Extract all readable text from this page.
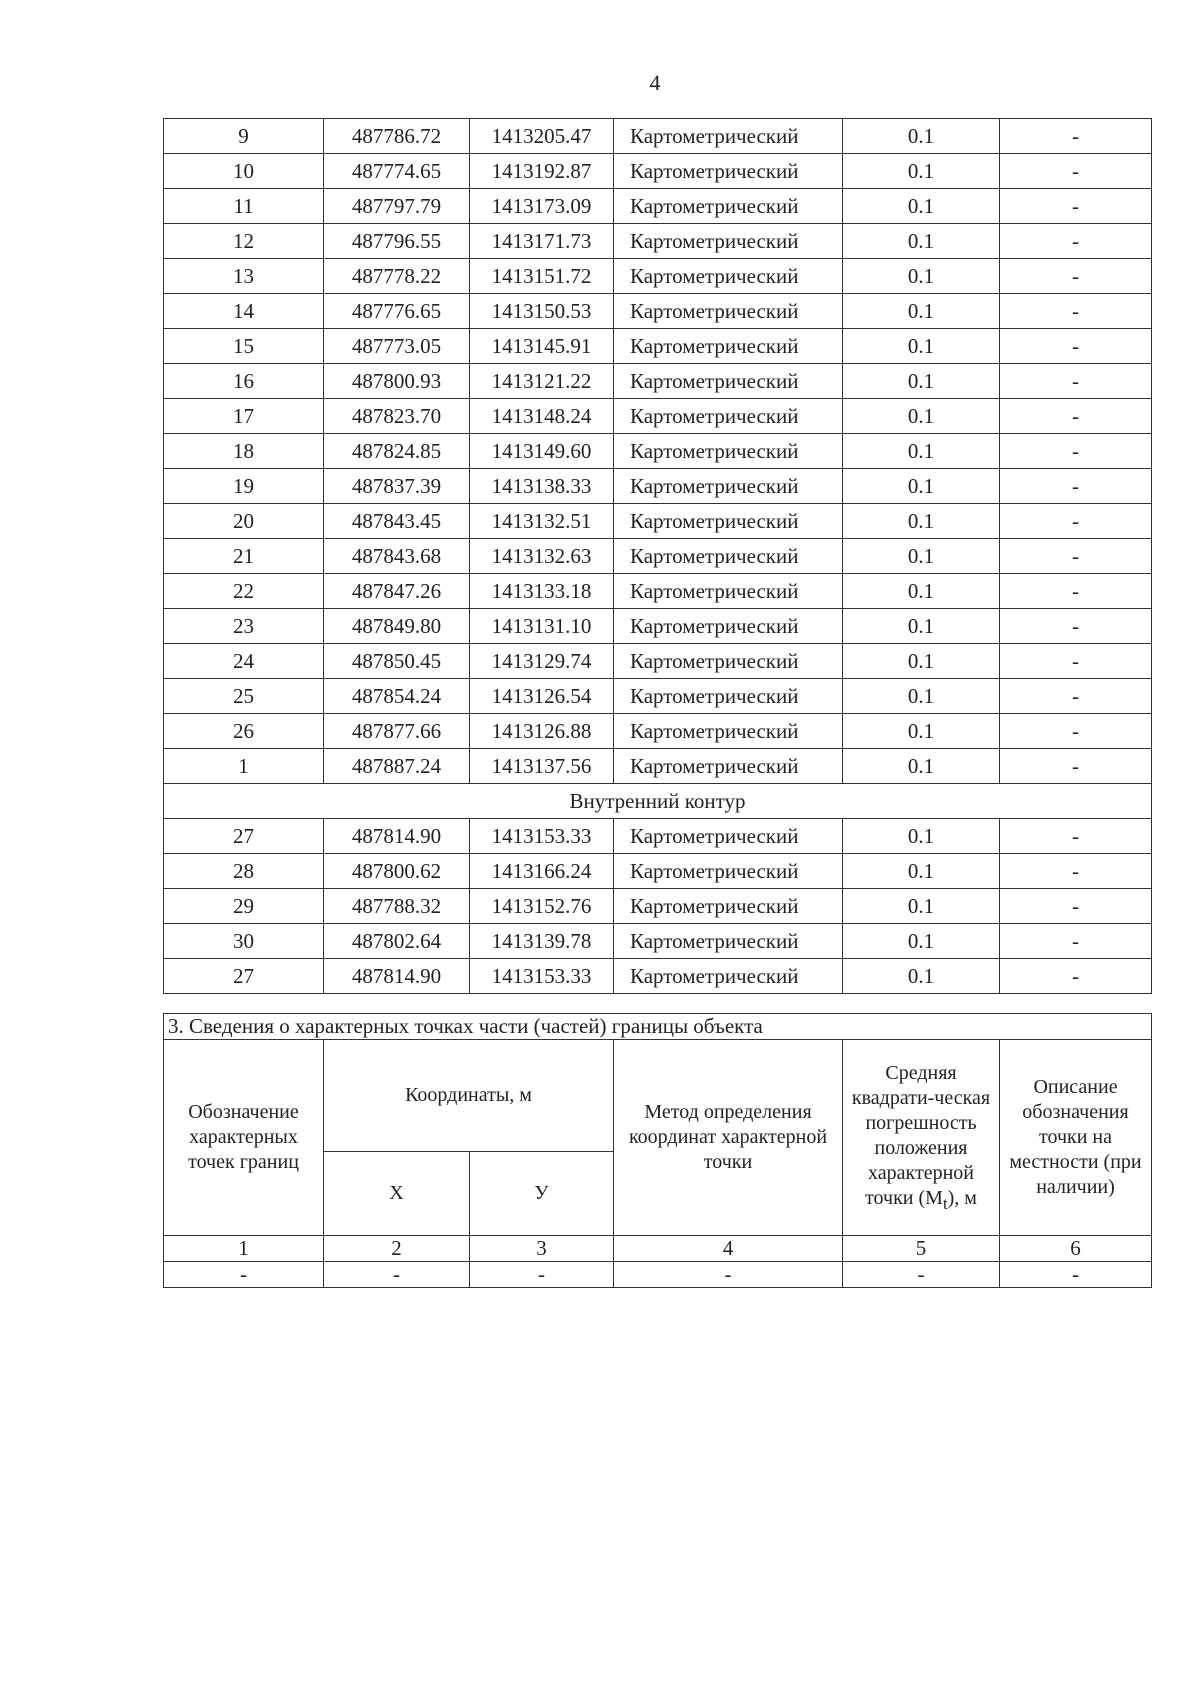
4
9	487786.72	1413205.47	Картометрический	0.1	-
10	487774.65	1413192.87	Картометрический	0.1	-
11	487797.79	1413173.09	Картометрический	0.1	-
12	487796.55	1413171.73	Картометрический	0.1	-
13	487778.22	1413151.72	Картометрический	0.1	-
14	487776.65	1413150.53	Картометрический	0.1	-
15	487773.05	1413145.91	Картометрический	0.1	-
16	487800.93	1413121.22	Картометрический	0.1	-
17	487823.70	1413148.24	Картометрический	0.1	-
18	487824.85	1413149.60	Картометрический	0.1	-
19	487837.39	1413138.33	Картометрический	0.1	-
20	487843.45	1413132.51	Картометрический	0.1	-
21	487843.68	1413132.63	Картометрический	0.1	-
22	487847.26	1413133.18	Картометрический	0.1	-
23	487849.80	1413131.10	Картометрический	0.1	-
24	487850.45	1413129.74	Картометрический	0.1	-
25	487854.24	1413126.54	Картометрический	0.1	-
26	487877.66	1413126.88	Картометрический	0.1	-
1	487887.24	1413137.56	Картометрический	0.1	-
Внутренний контур					
27	487814.90	1413153.33	Картометрический	0.1	-
28	487800.62	1413166.24	Картометрический	0.1	-
29	487788.32	1413152.76	Картометрический	0.1	-
30	487802.64	1413139.78	Картометрический	0.1	-
27	487814.90	1413153.33	Картометрический	0.1	-
3. Сведения о характерных точках части (частей) границы объекта					
Обозначение характерных точек границ	Координаты, м		Метод определения координат характерной точки	Средняя квадрати-ческая погрешность положения характерной точки $(M_t)$, м	Описание обозначения точки на местности (при наличии)
	X	У			
1	2	3	4	5	6
-	-	-	-	-	-
